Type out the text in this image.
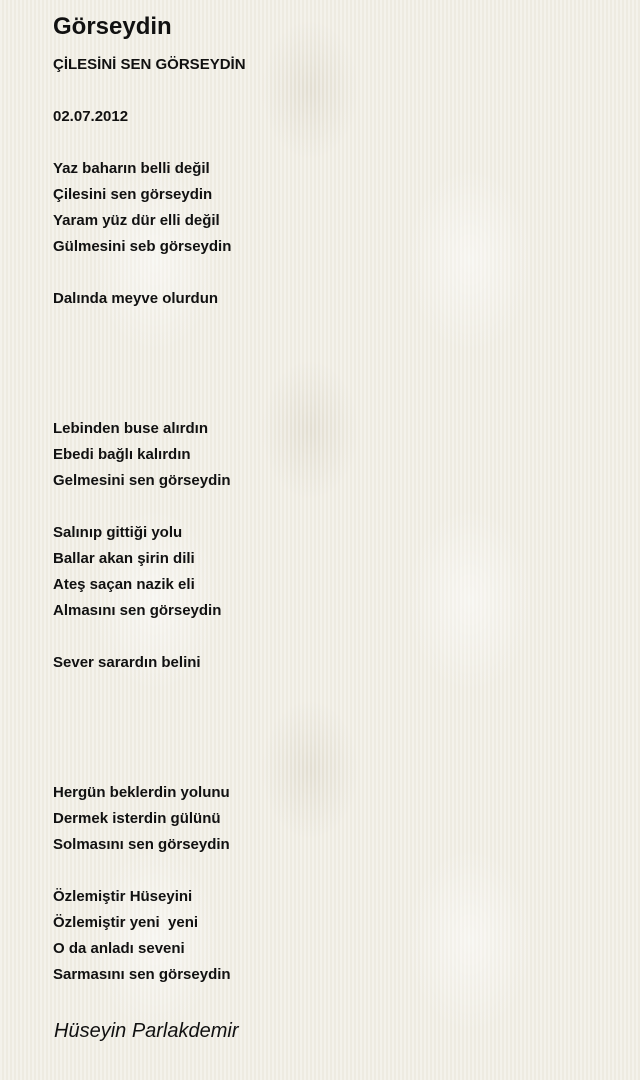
Görseydin
ÇİLESİNİ SEN GÖRSEYDİN
02.07.2012
Yaz baharın belli değil
Çilesini sen görseydin
Yaram yüz dür elli değil
Gülmesini seb görseydin
Dalında meyve olurdun
Lebinden buse alırdın
Ebedi bağlı kalırdın
Gelmesini sen görseydin
Salınıp gittiği yolu
Ballar akan şirin dili
Ateş saçan nazik eli
Almasını sen görseydin
Sever sarardın belini
Hergün beklerdin yolunu
Dermek isterdin gülünü
Solmasını sen görseydin
Özlemiştir Hüseyini
Özlemiştir yeni  yeni
O da anladı seveni
Sarmasını sen görseydin
Hüseyin Parlakdemir
